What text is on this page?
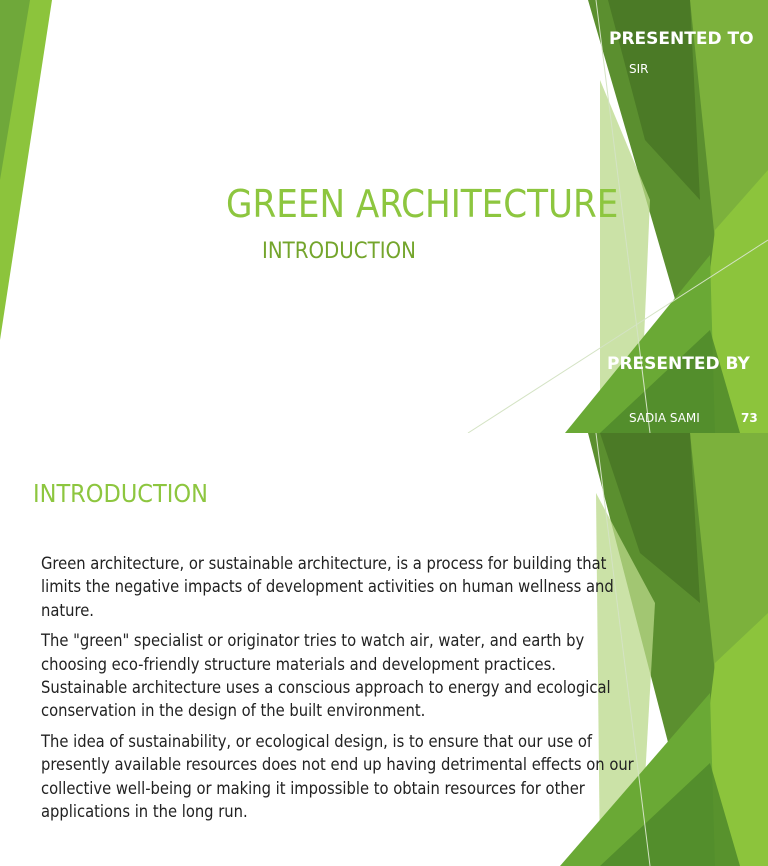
PRESENTED TO
SIR
GREEN ARCHITECTURE
INTRODUCTION
PRESENTED BY
SADIA SAMI	73
INTRODUCTION

Green architecture, or sustainable architecture, is a process for building that limits the negative impacts of development activities on human wellness and nature.

The "green" specialist or originator tries to watch air, water, and earth by choosing eco-friendly structure materials and development practices. Sustainable architecture uses a conscious approach to energy and ecological conservation in the design of the built environment.

The idea of sustainability, or ecological design, is to ensure that our use of presently available resources does not end up having detrimental effects on our collective well-being or making it impossible to obtain resources for other applications in the long run.
